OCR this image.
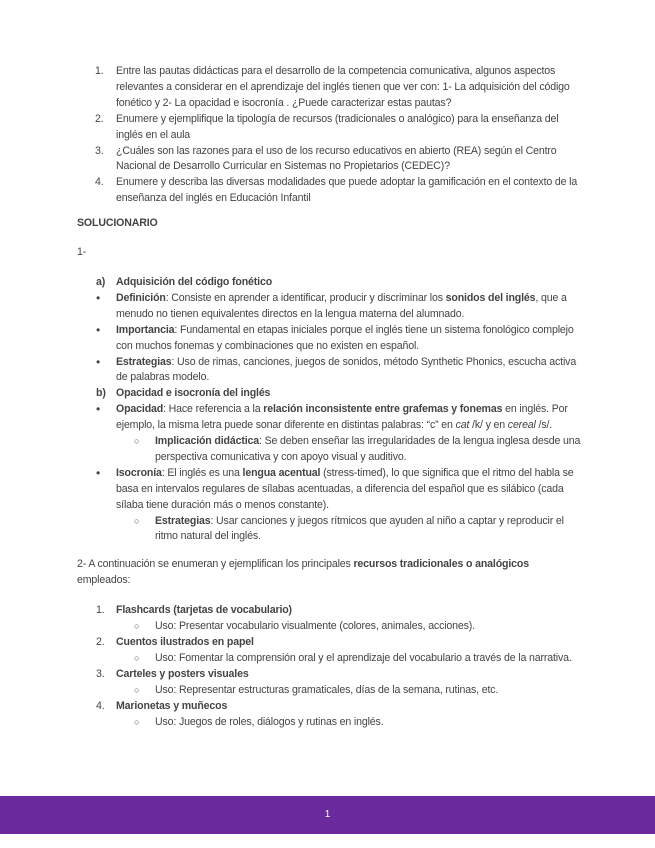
1. Entre las pautas didácticas para el desarrollo de la competencia comunicativa, algunos aspectos relevantes a considerar en el aprendizaje del inglés tienen que ver con: 1- La adquisición del código fonético y 2- La opacidad e isocronía . ¿Puede caracterizar estas pautas?
2. Enumere y ejemplifique la tipología de recursos (tradicionales o analógico) para la enseñanza del inglés en el aula
3. ¿Cuáles son las razones para el uso de los recurso educativos en abierto (REA) según el Centro Nacional de Desarrollo Curricular en Sistemas no Propietarios (CEDEC)?
4. Enumere y describa las diversas modalidades que puede adoptar la gamificación en el contexto de la enseñanza del inglés en Educación Infantil

SOLUCIONARIO

1-

a) Adquisición del código fonético
• Definición: Consiste en aprender a identificar, producir y discriminar los sonidos del inglés, que a menudo no tienen equivalentes directos en la lengua materna del alumnado.
• Importancia: Fundamental en etapas iniciales porque el inglés tiene un sistema fonológico complejo con muchos fonemas y combinaciones que no existen en español.
• Estrategias: Uso de rimas, canciones, juegos de sonidos, método Synthetic Phonics, escucha activa de palabras modelo.
b) Opacidad e isocronía del inglés
• Opacidad: Hace referencia a la relación inconsistente entre grafemas y fonemas en inglés. Por ejemplo, la misma letra puede sonar diferente en distintas palabras: “c” en cat /k/ y en cereal /s/.
○ Implicación didáctica: Se deben enseñar las irregularidades de la lengua inglesa desde una perspectiva comunicativa y con apoyo visual y auditivo.
• Isocronía: El inglés es una lengua acentual (stress-timed), lo que significa que el ritmo del habla se basa en intervalos regulares de sílabas acentuadas, a diferencia del español que es silábico (cada sílaba tiene duración más o menos constante).
○ Estrategias: Usar canciones y juegos rítmicos que ayuden al niño a captar y reproducir el ritmo natural del inglés.

2- A continuación se enumeran y ejemplifican los principales recursos tradicionales o analógicos empleados:

1. Flashcards (tarjetas de vocabulario)
○ Uso: Presentar vocabulario visualmente (colores, animales, acciones).
2. Cuentos ilustrados en papel
○ Uso: Fomentar la comprensión oral y el aprendizaje del vocabulario a través de la narrativa.
3. Carteles y posters visuales
○ Uso: Representar estructuras gramaticales, días de la semana, rutinas, etc.
4. Marionetas y muñecos
○ Uso: Juegos de roles, diálogos y rutinas en inglés.
1
